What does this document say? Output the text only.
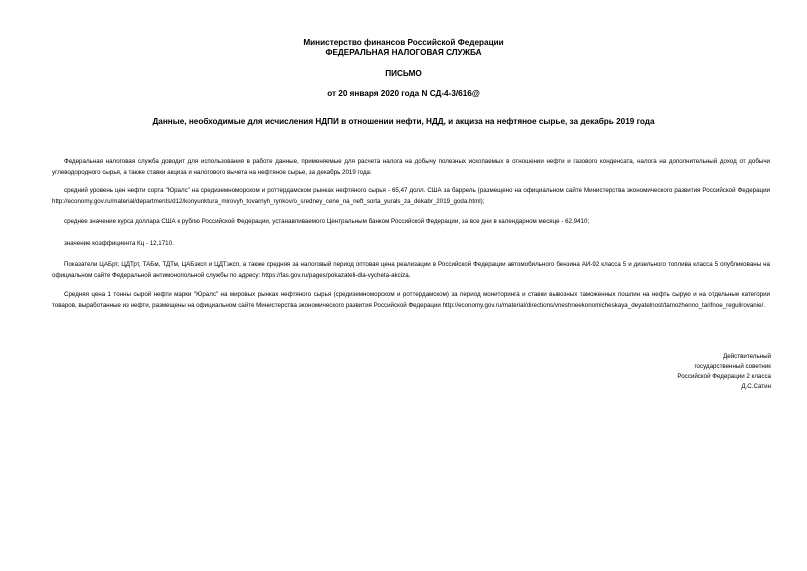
Министерство финансов Российской Федерации
ФЕДЕРАЛЬНАЯ НАЛОГОВАЯ СЛУЖБА
ПИСЬМО
от 20 января 2020 года N СД-4-3/616@
Данные, необходимые для исчисления НДПИ в отношении нефти, НДД, и акциза на нефтяное сырье, за декабрь 2019 года

Федеральная налоговая служба доводит для использования в работе данные, применяемые для расчета налога на добычу полезных ископаемых в отношении нефти и газового конденсата, налога на дополнительный доход от добычи углеводородного сырья, а также ставки акциза и налогового вычета на нефтяное сырье, за декабрь 2019 года:

средний уровень цен нефти сорта "Юралс" на средиземноморском и роттердамском рынках нефтяного сырья - 65,47 долл. США за баррель (размещено на официальном сайте Министерства экономического развития Российской Федерации http://economy.gov.ru/material/departments/d12/konyunktura_mirovyh_tovarnyh_rynkov/o_sredney_cene_na_neft_sorta_yurals_za_dekabr_2019_goda.html);

среднее значение курса доллара США к рублю Российской Федерации, устанавливаемого Центральным банком Российской Федерации, за все дни в календарном месяце - 62,9410;

значение коэффициента Кц - 12,1710.

Показатели ЦАБрт, ЦДТрт, ТАБм, ТДТм, ЦАБэксп и ЦДТэксп, а также средняя за налоговый период оптовая цена реализации в Российской Федерации автомобильного бензина АИ-92 класса 5 и дизельного топлива класса 5 опубликованы на официальном сайте Федеральной антимонопольной службы по адресу: https://fas.gov.ru/pages/pokazateli-dla-vycheta-akciza.

Средняя цена 1 тонны сырой нефти марки "Юралс" на мировых рынках нефтяного сырья (средиземноморском и роттердамском) за период мониторинга и ставки вывозных таможенных пошлин на нефть сырую и на отдельные категории товаров, выработанные из нефти, размещены на официальном сайте Министерства экономического развития Российской Федерации http://economy.gov.ru/material/directions/vneshneekonomicheskaya_deyatelnost/tamozhenno_tarifnoe_regulirovanie/.

Действительный
государственный советник
Российской Федерации 2 класса
Д.С.Сатин
